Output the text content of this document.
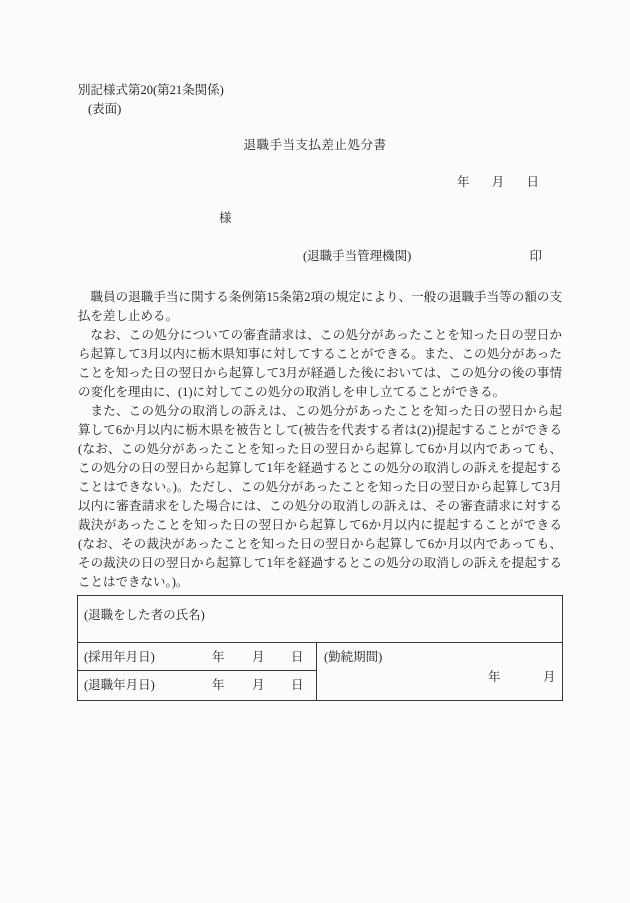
別記様式第20(第21条関係)
(表面)
退職手当支払差止処分書
年 月 日
様
(退職手当管理機関)	印

職員の退職手当に関する条例第15条第2項の規定により、一般の退職手当等の額の支払を差し止める。

なお、この処分についての審査請求は、この処分があったことを知った日の翌日から起算して3月以内に栃木県知事に対してすることができる。また、この処分があったことを知った日の翌日から起算して3月が経過した後においては、この処分の後の事情の変化を理由に、(1)に対してこの処分の取消しを申し立てることができる。

また、この処分の取消しの訴えは、この処分があったことを知った日の翌日から起算して6か月以内に栃木県を被告として(被告を代表する者は(2))提起することができる(なお、この処分があったことを知った日の翌日から起算して6か月以内であっても、この処分の日の翌日から起算して1年を経過するとこの処分の取消しの訴えを提起することはできない。)。ただし、この処分があったことを知った日の翌日から起算して3月以内に審査請求をした場合には、この処分の取消しの訴えは、その審査請求に対する裁決があったことを知った日の翌日から起算して6か月以内に提起することができる(なお、その裁決があったことを知った日の翌日から起算して6か月以内であっても、その裁決の日の翌日から起算して1年を経過するとこの処分の取消しの訴えを提起することはできない。)。

(退職をした者の氏名)
(採用年月日)	年 月 日
(退職年月日)	年 月 日
(勤続期間)
年	月
